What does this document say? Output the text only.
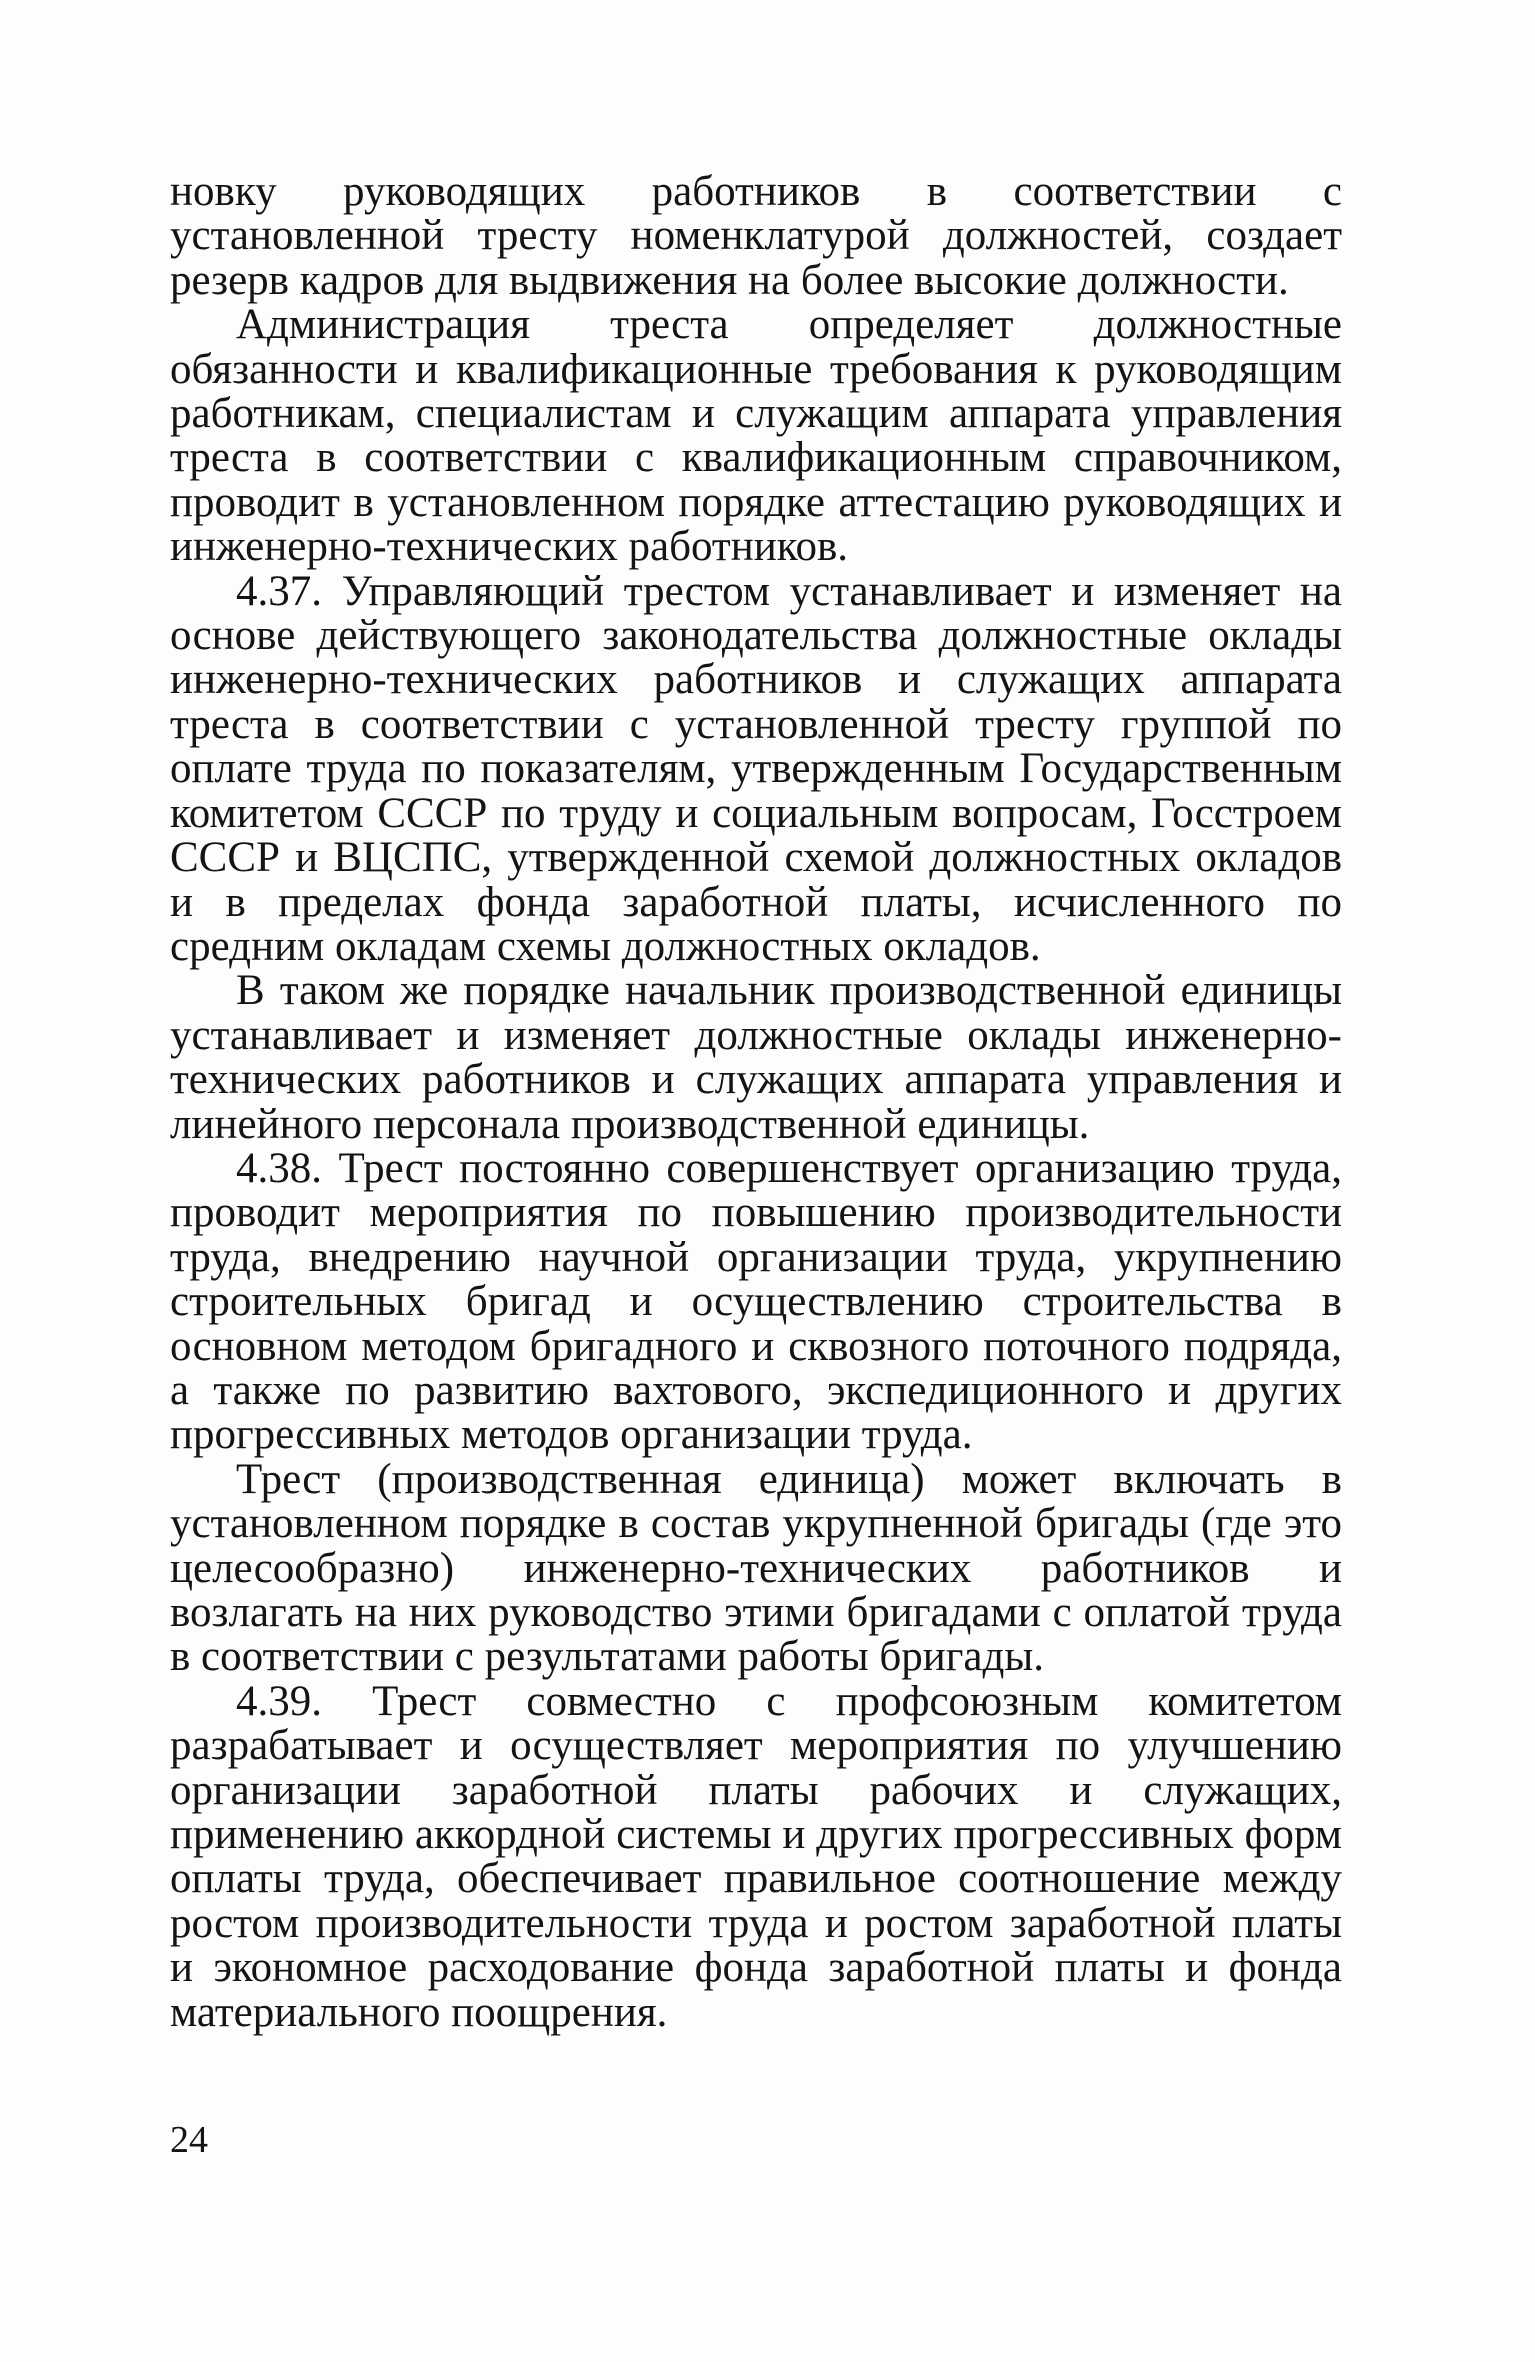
новку руководящих работников в соответствии с установленной тресту номенклатурой должностей, создает резерв кадров для выдвижения на более высокие должности.

Администрация треста определяет должностные обязанности и квалификационные требования к руководящим работникам, специалистам и служащим аппарата управления треста в соответствии с квалификационным справочником, проводит в установленном порядке аттестацию руководящих и инженерно-технических работников.

4.37. Управляющий трестом устанавливает и изменяет на основе действующего законодательства должностные оклады инженерно-технических работников и служащих аппарата треста в соответствии с установленной тресту группой по оплате труда по показателям, утвержденным Государственным комитетом СССР по труду и социальным вопросам, Госстроем СССР и ВЦСПС, утвержденной схемой должностных окладов и в пределах фонда заработной платы, исчисленного по средним окладам схемы должностных окладов.

В таком же порядке начальник производственной единицы устанавливает и изменяет должностные оклады инженерно-технических работников и служащих аппарата управления и линейного персонала производственной единицы.

4.38. Трест постоянно совершенствует организацию труда, проводит мероприятия по повышению производительности труда, внедрению научной организации труда, укрупнению строительных бригад и осуществлению строительства в основном методом бригадного и сквозного поточного подряда, а также по развитию вахтового, экспедиционного и других прогрессивных методов организации труда.

Трест (производственная единица) может включать в установленном порядке в состав укрупненной бригады (где это целесообразно) инженерно-технических работников и возлагать на них руководство этими бригадами с оплатой труда в соответствии с результатами работы бригады.

4.39. Трест совместно с профсоюзным комитетом разрабатывает и осуществляет мероприятия по улучшению организации заработной платы рабочих и служащих, применению аккордной системы и других прогрессивных форм оплаты труда, обеспечивает правильное соотношение между ростом производительности труда и ростом заработной платы и экономное расходование фонда заработной платы и фонда материального поощрения.

24
